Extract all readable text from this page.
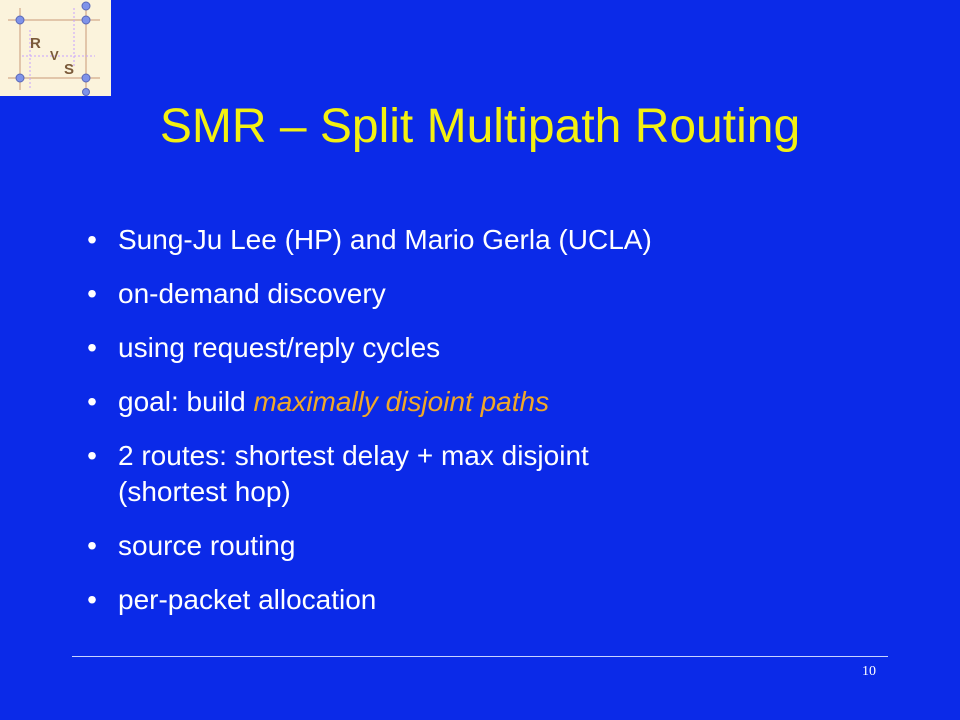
R
V
S
SMR – Split Multipath Routing
• Sung-Ju Lee (HP) and Mario Gerla (UCLA)
• on-demand discovery
• using request/reply cycles
• goal: build maximally disjoint paths
• 2 routes: shortest delay + max disjoint
(shortest hop)
• source routing
• per-packet allocation
10
